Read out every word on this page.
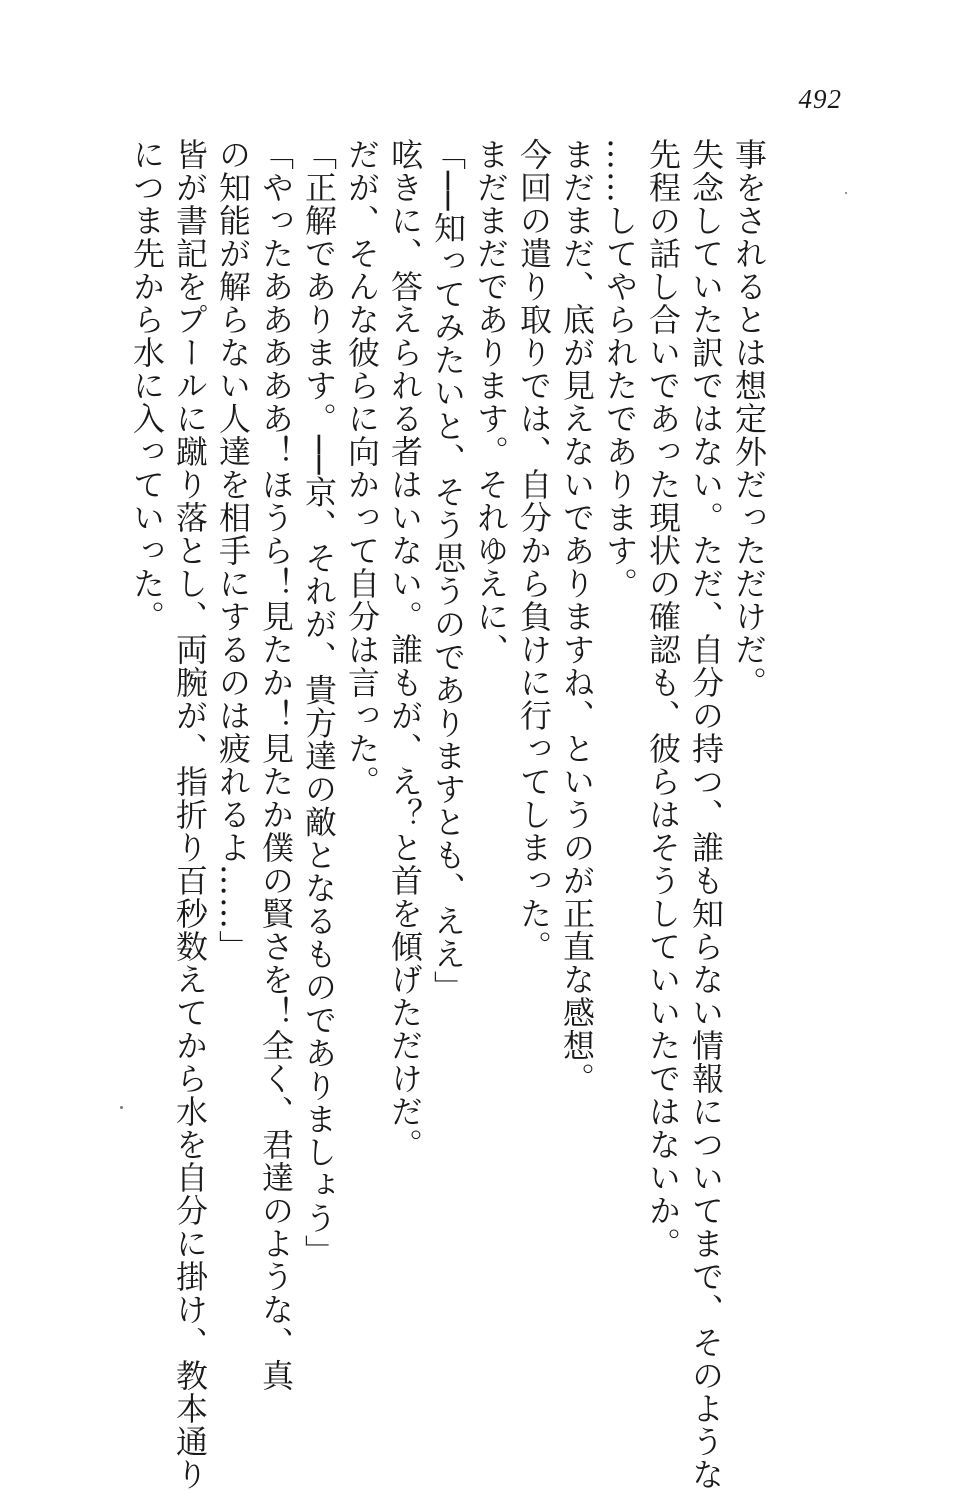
492
事をされるとは想定外だっただけだ。
失念していた訳ではない。ただ、自分の持つ、誰も知らない情報についてまで、そのような
先程の話し合いであった現状の確認も、彼らはそうしていいたではないか。
……してやられたであります。
まだまだ、底が見えないでありますね、というのが正直な感想。
今回の遣り取りでは、自分から負けに行ってしまった。
まだまだであります。それゆえに、
「──知ってみたいと、そう思うのでありますとも、ええ」
呟きに、答えられる者はいない。誰もが、え？と首を傾げただけだ。
だが、そんな彼らに向かって自分は言った。
「正解であります。──京、それが、貴方達の敵となるものでありましょう」
「やったあああああ！ほうら！見たか！見たか僕の賢さを！全く、君達のような、真
の知能が解らない人達を相手にするのは疲れるよ……」
皆が書記をプールに蹴り落とし、両腕が、指折り百秒数えてから水を自分に掛け、教本通り
につま先から水に入っていった。
